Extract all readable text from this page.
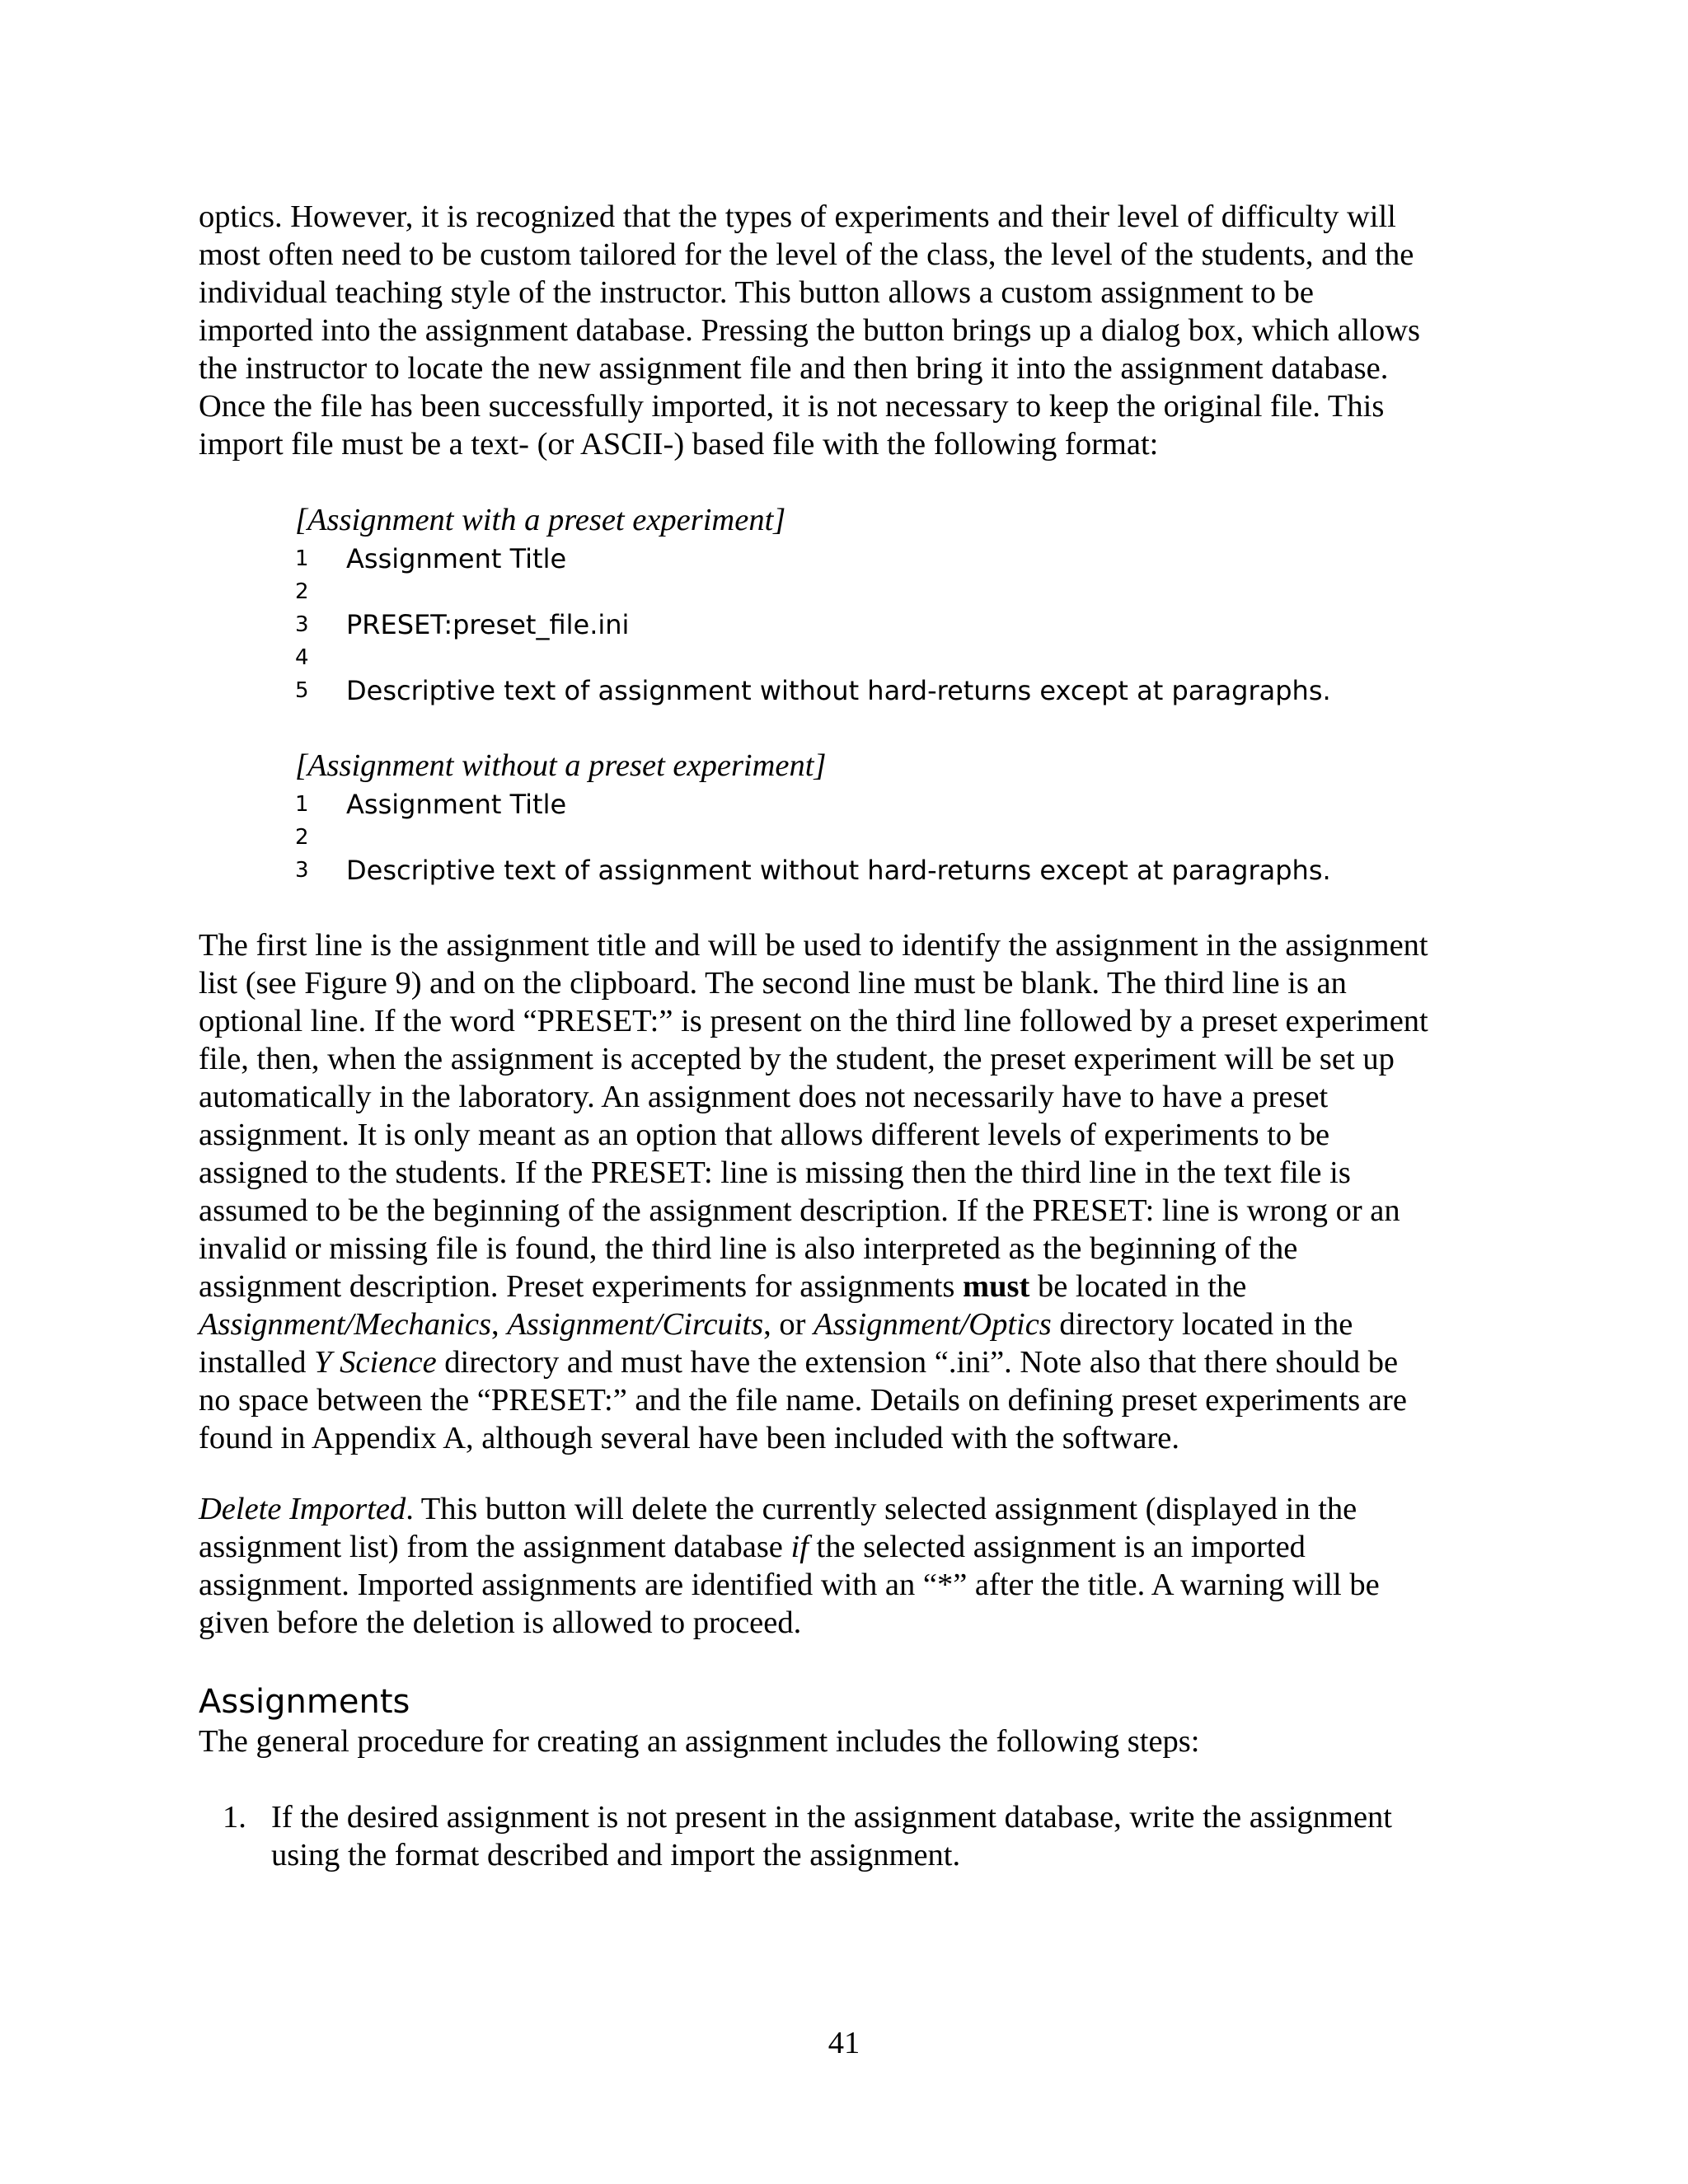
optics. However, it is recognized that the types of experiments and their level of difficulty will
most often need to be custom tailored for the level of the class, the level of the students, and the
individual teaching style of the instructor. This button allows a custom assignment to be
imported into the assignment database. Pressing the button brings up a dialog box, which allows
the instructor to locate the new assignment file and then bring it into the assignment database.
Once the file has been successfully imported, it is not necessary to keep the original file. This
import file must be a text- (or ASCII-) based file with the following format:
[Assignment with a preset experiment]
1	Assignment Title
2
3	PRESET:preset_file.ini
4
5	Descriptive text of assignment without hard-returns except at paragraphs.
[Assignment without a preset experiment]
1	Assignment Title
2
3	Descriptive text of assignment without hard-returns except at paragraphs.
The first line is the assignment title and will be used to identify the assignment in the assignment
list (see Figure 9) and on the clipboard. The second line must be blank. The third line is an
optional line. If the word “PRESET:” is present on the third line followed by a preset experiment
file, then, when the assignment is accepted by the student, the preset experiment will be set up
automatically in the laboratory. An assignment does not necessarily have to have a preset
assignment. It is only meant as an option that allows different levels of experiments to be
assigned to the students. If the PRESET: line is missing then the third line in the text file is
assumed to be the beginning of the assignment description. If the PRESET: line is wrong or an
invalid or missing file is found, the third line is also interpreted as the beginning of the
assignment description. Preset experiments for assignments must be located in the
Assignment/Mechanics, Assignment/Circuits, or Assignment/Optics directory located in the
installed Y Science directory and must have the extension “.ini”. Note also that there should be
no space between the “PRESET:” and the file name. Details on defining preset experiments are
found in Appendix A, although several have been included with the software.
Delete Imported. This button will delete the currently selected assignment (displayed in the
assignment list) from the assignment database if the selected assignment is an imported
assignment. Imported assignments are identified with an “*” after the title. A warning will be
given before the deletion is allowed to proceed.
Assignments
The general procedure for creating an assignment includes the following steps:
1. If the desired assignment is not present in the assignment database, write the assignment
using the format described and import the assignment.
41
